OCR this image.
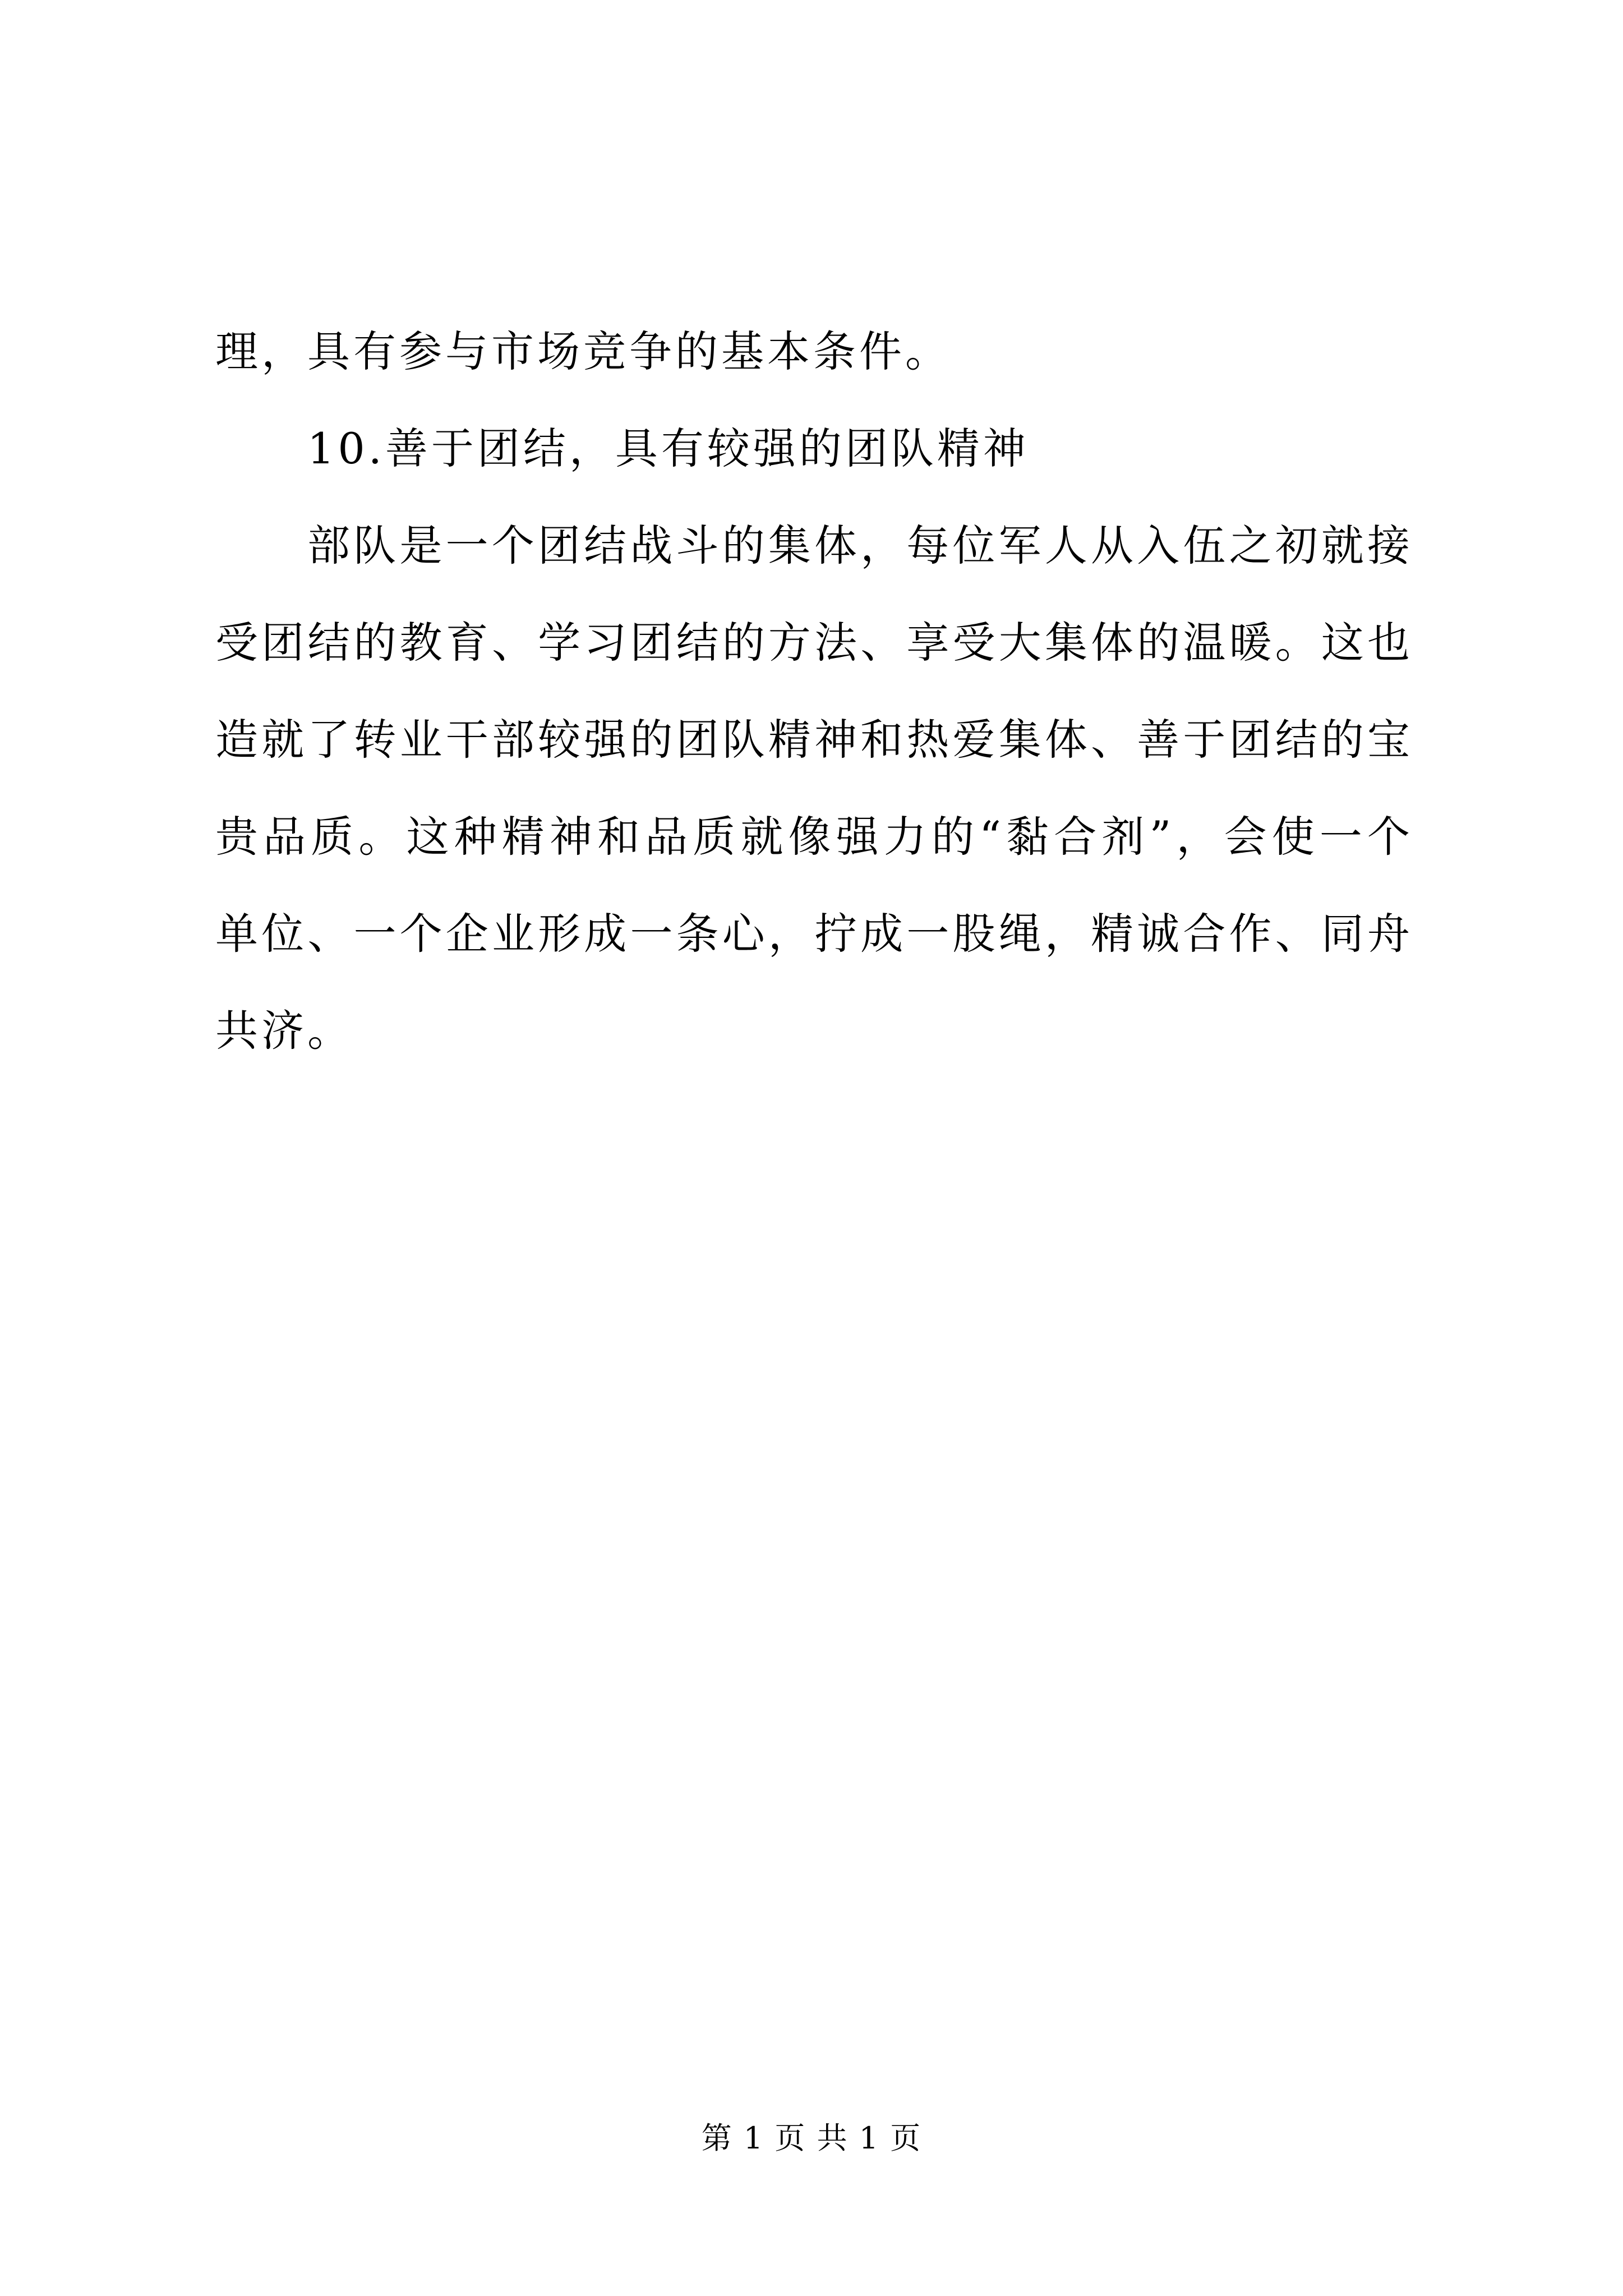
理，具有参与市场竞争的基本条件。

10.善于团结，具有较强的团队精神

部队是一个团结战斗的集体，每位军人从入伍之初就接受团结的教育、学习团结的方法、享受大集体的温暖。这也造就了转业干部较强的团队精神和热爱集体、善于团结的宝贵品质。这种精神和品质就像强力的“黏合剂”，会使一个单位、一个企业形成一条心，拧成一股绳，精诚合作、同舟共济。

第 1 页 共 1 页
